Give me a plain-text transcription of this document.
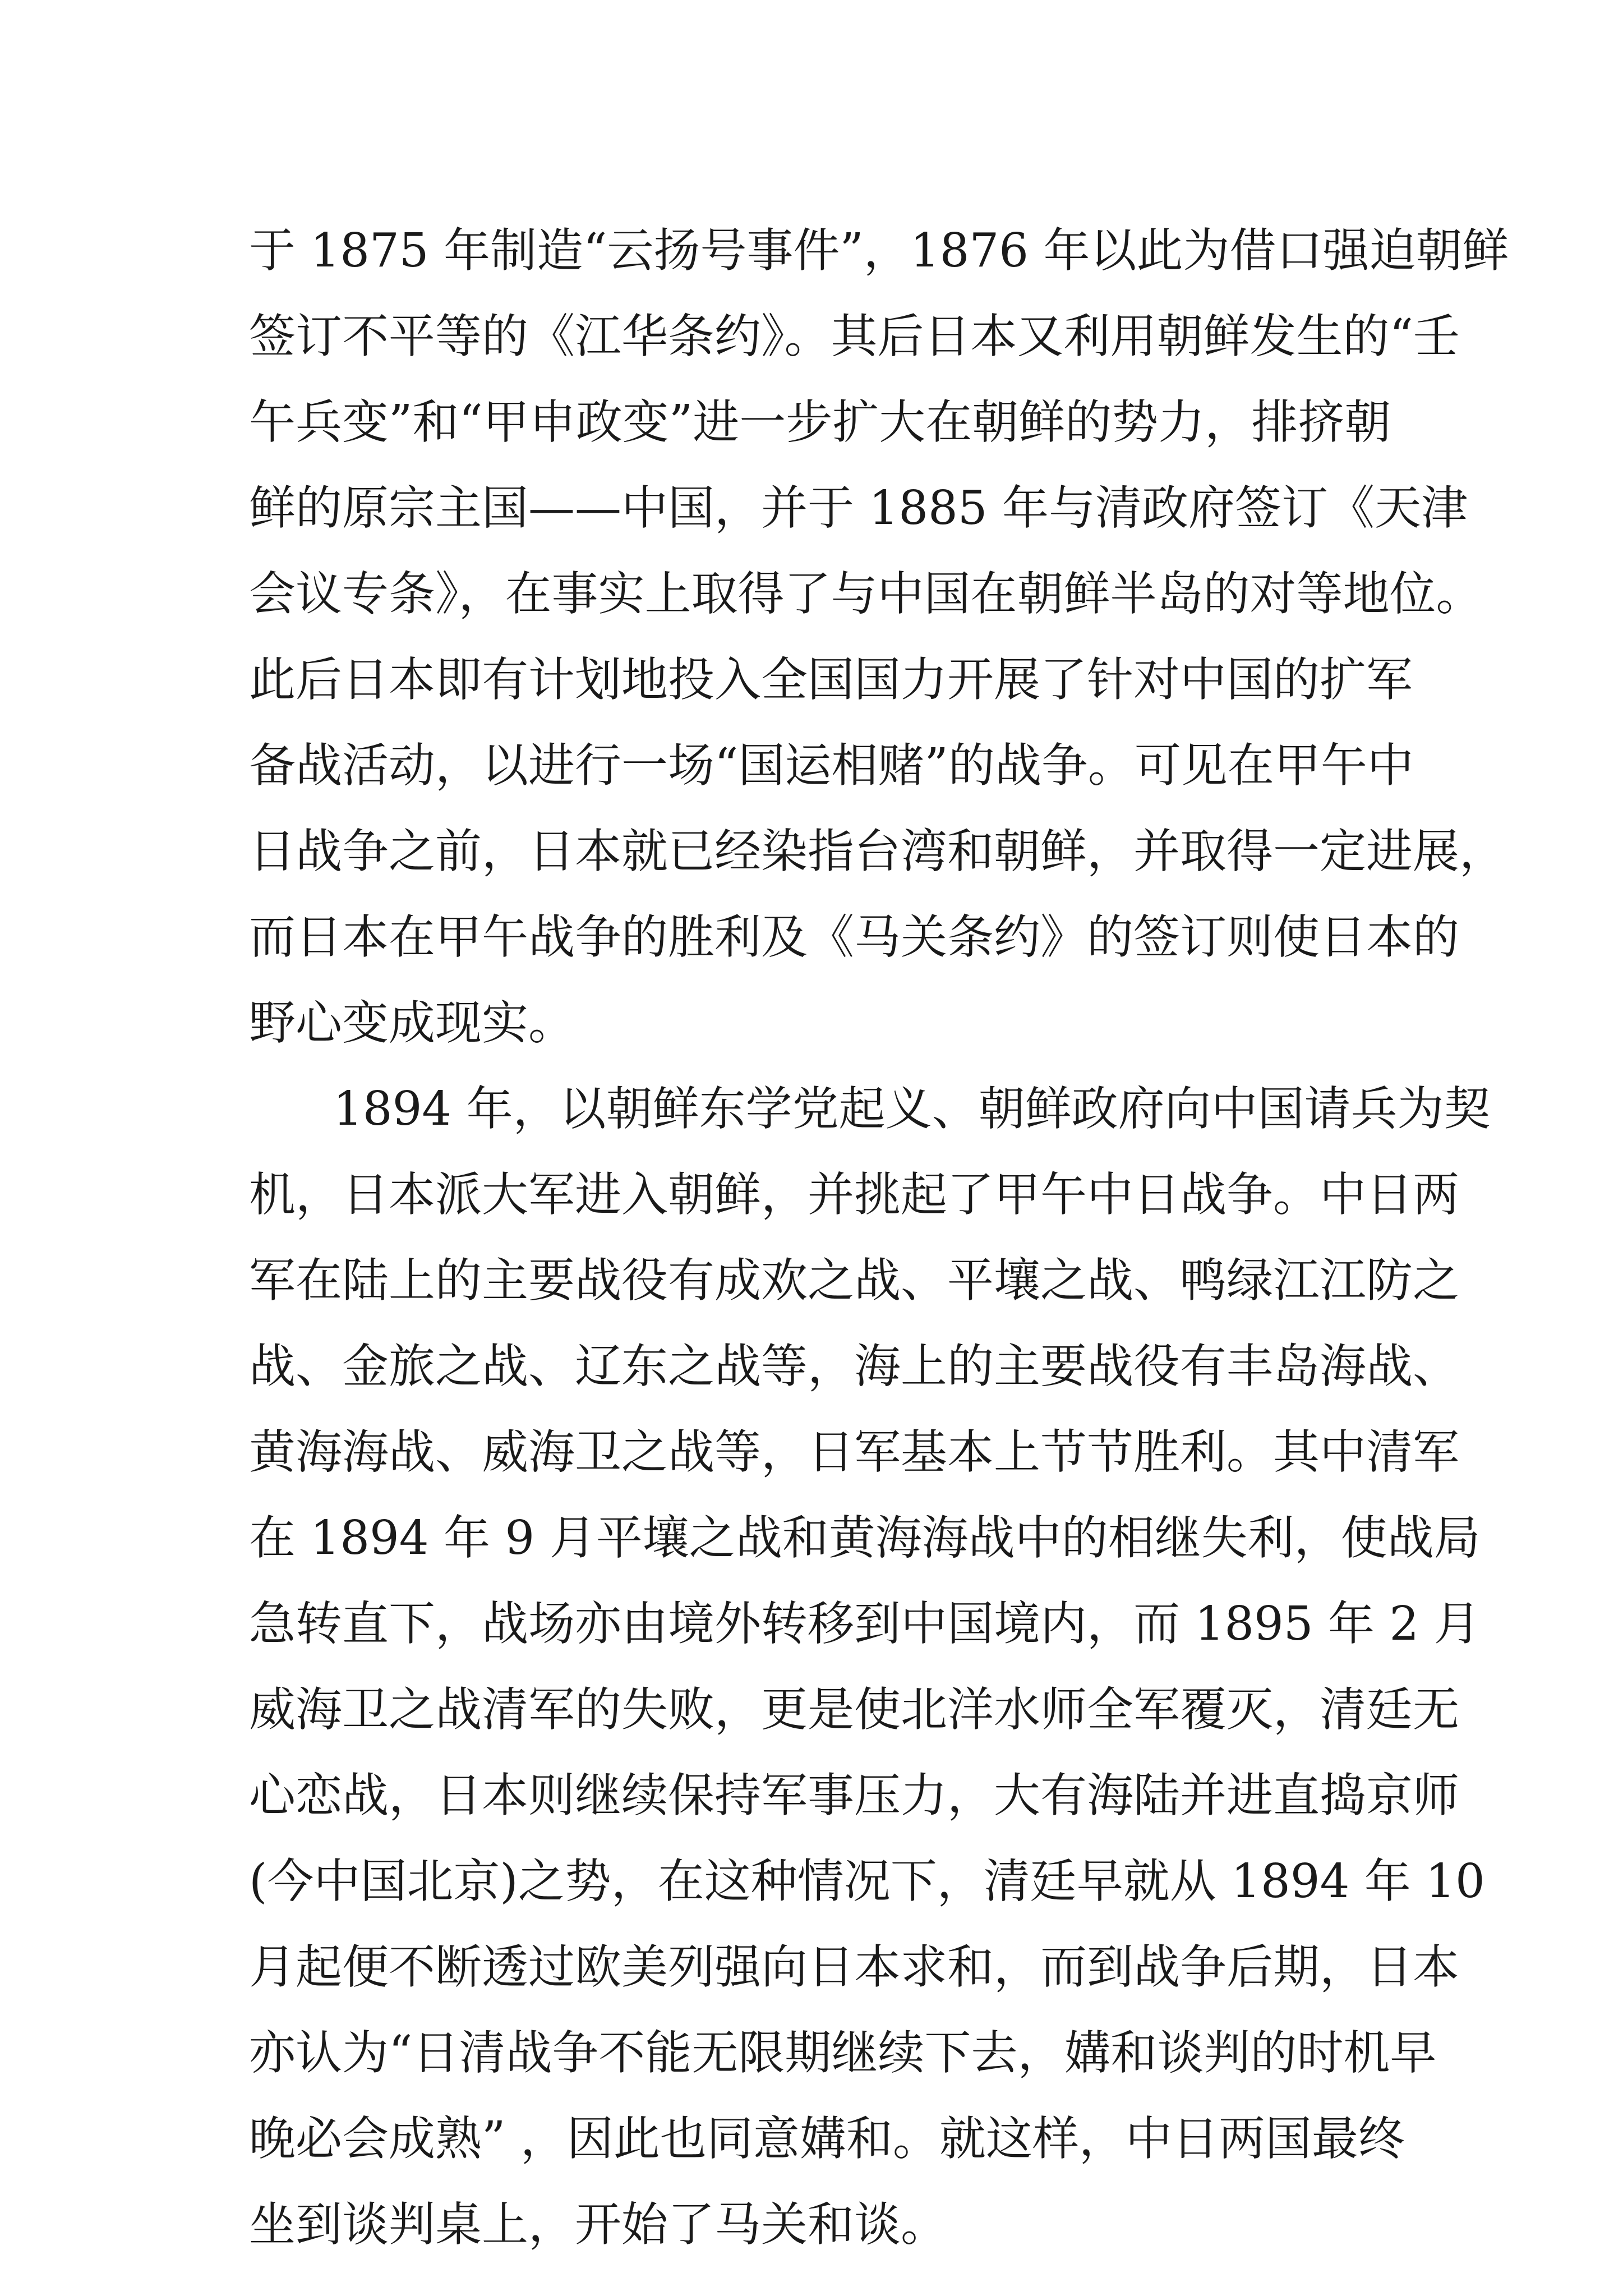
于 1875 年制造“云扬号事件”，1876 年以此为借口强迫朝鲜
签订不平等的《江华条约》。其后日本又利用朝鲜发生的“壬
午兵变”和“甲申政变”进一步扩大在朝鲜的势力，排挤朝
鲜的原宗主国——中国，并于 1885 年与清政府签订《天津
会议专条》，在事实上取得了与中国在朝鲜半岛的对等地位。
此后日本即有计划地投入全国国力开展了针对中国的扩军
备战活动，以进行一场“国运相赌”的战争。可见在甲午中
日战争之前，日本就已经染指台湾和朝鲜，并取得一定进展，
而日本在甲午战争的胜利及《马关条约》的签订则使日本的
野心变成现实。
1894 年，以朝鲜东学党起义、朝鲜政府向中国请兵为契
机，日本派大军进入朝鲜，并挑起了甲午中日战争。中日两
军在陆上的主要战役有成欢之战、平壤之战、鸭绿江江防之
战、金旅之战、辽东之战等，海上的主要战役有丰岛海战、
黄海海战、威海卫之战等，日军基本上节节胜利。其中清军
在 1894 年 9 月平壤之战和黄海海战中的相继失利，使战局
急转直下，战场亦由境外转移到中国境内，而 1895 年 2 月
威海卫之战清军的失败，更是使北洋水师全军覆灭，清廷无
心恋战，日本则继续保持军事压力，大有海陆并进直捣京师
(今中国北京)之势，在这种情况下，清廷早就从 1894 年 10
月起便不断透过欧美列强向日本求和，而到战争后期，日本
亦认为“日清战争不能无限期继续下去，媾和谈判的时机早
晚必会成熟” ，因此也同意媾和。就这样，中日两国最终
坐到谈判桌上，开始了马关和谈。
